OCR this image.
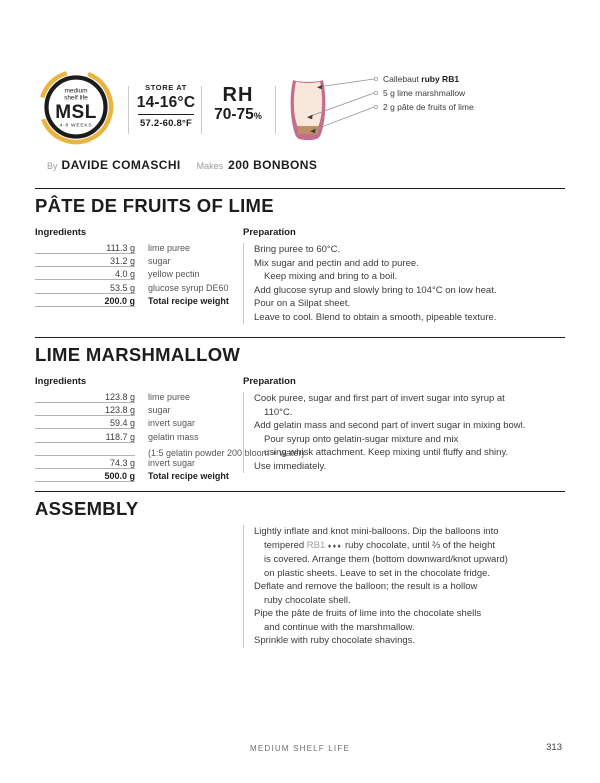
medium
shelf life
MSL
4-8 WEEKS
STORE AT
14-16°C
57.2-60.8°F
RH
70-75%
Callebaut ruby RB1
5 g lime marshmallow
2 g pâte de fruits of lime
By DAVIDE COMASCHI Makes 200 BONBONS
PÂTE DE FRUITS OF LIME
Ingredients
111.3 g lime puree
31.2 g sugar
4.0 g yellow pectin
53.5 g glucose syrup DE60
200.0 g Total recipe weight
Preparation
Bring puree to 60°C.
Mix sugar and pectin and add to puree.
Keep mixing and bring to a boil.
Add glucose syrup and slowly bring to 104°C on low heat.
Pour on a Silpat sheet.
Leave to cool. Blend to obtain a smooth, pipeable texture.
LIME MARSHMALLOW
Ingredients
123.8 g lime puree
123.8 g sugar
59.4 g invert sugar
118.7 g gelatin mass
(1:5 gelatin powder 200 bloom + water)
74.3 g invert sugar
500.0 g Total recipe weight
Preparation
Cook puree, sugar and first part of invert sugar into syrup at
110°C.
Add gelatin mass and second part of invert sugar in mixing bowl.
Pour syrup onto gelatin-sugar mixture and mix
using whisk attachment. Keep mixing until fluffy and shiny.
Use immediately.
ASSEMBLY
Lightly inflate and knot mini-balloons. Dip the balloons into
tempered RB1 ♦♦♦ ruby chocolate, until ⅔ of the height
is covered. Arrange them (bottom downward/knot upward)
on plastic sheets. Leave to set in the chocolate fridge.
Deflate and remove the balloon; the result is a hollow
ruby chocolate shell.
Pipe the pâte de fruits of lime into the chocolate shells
and continue with the marshmallow.
Sprinkle with ruby chocolate shavings.
MEDIUM SHELF LIFE	313
